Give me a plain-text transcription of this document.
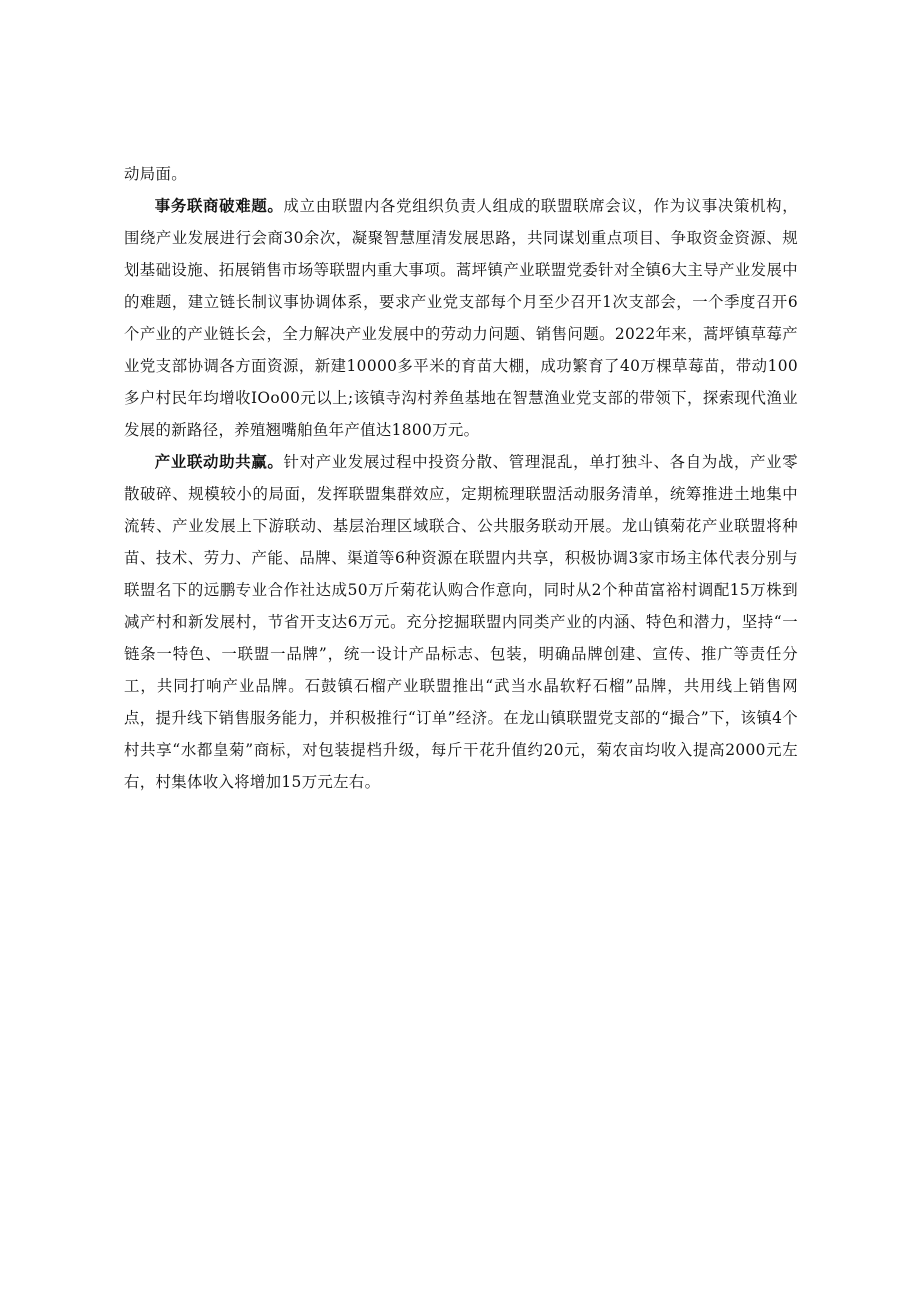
动局面。

事务联商破难题。成立由联盟内各党组织负责人组成的联盟联席会议，作为议事决策机构，围绕产业发展进行会商30余次，凝聚智慧厘清发展思路，共同谋划重点项目、争取资金资源、规划基础设施、拓展销售市场等联盟内重大事项。蒿坪镇产业联盟党委针对全镇6大主导产业发展中的难题，建立链长制议事协调体系，要求产业党支部每个月至少召开1次支部会，一个季度召开6个产业的产业链长会，全力解决产业发展中的劳动力问题、销售问题。2022年来，蒿坪镇草莓产业党支部协调各方面资源，新建10000多平米的育苗大棚，成功繁育了40万棵草莓苗，带动100多户村民年均增收IOo00元以上;该镇寺沟村养鱼基地在智慧渔业党支部的带领下，探索现代渔业发展的新路径，养殖翘嘴舶鱼年产值达1800万元。

产业联动助共赢。针对产业发展过程中投资分散、管理混乱，单打独斗、各自为战，产业零散破碎、规模较小的局面，发挥联盟集群效应，定期梳理联盟活动服务清单，统筹推进土地集中流转、产业发展上下游联动、基层治理区域联合、公共服务联动开展。龙山镇菊花产业联盟将种苗、技术、劳力、产能、品牌、渠道等6种资源在联盟内共享，积极协调3家市场主体代表分别与联盟名下的远鹏专业合作社达成50万斤菊花认购合作意向，同时从2个种苗富裕村调配15万株到减产村和新发展村，节省开支达6万元。充分挖掘联盟内同类产业的内涵、特色和潜力，坚持“一链条一特色、一联盟一品牌”，统一设计产品标志、包装，明确品牌创建、宣传、推广等责任分工，共同打响产业品牌。石鼓镇石榴产业联盟推出“武当水晶软籽石榴”品牌，共用线上销售网点，提升线下销售服务能力，并积极推行“订单”经济。在龙山镇联盟党支部的“撮合”下，该镇4个村共享“水都皇菊”商标，对包装提档升级，每斤干花升值约20元，菊农亩均收入提高2000元左右，村集体收入将增加15万元左右。
